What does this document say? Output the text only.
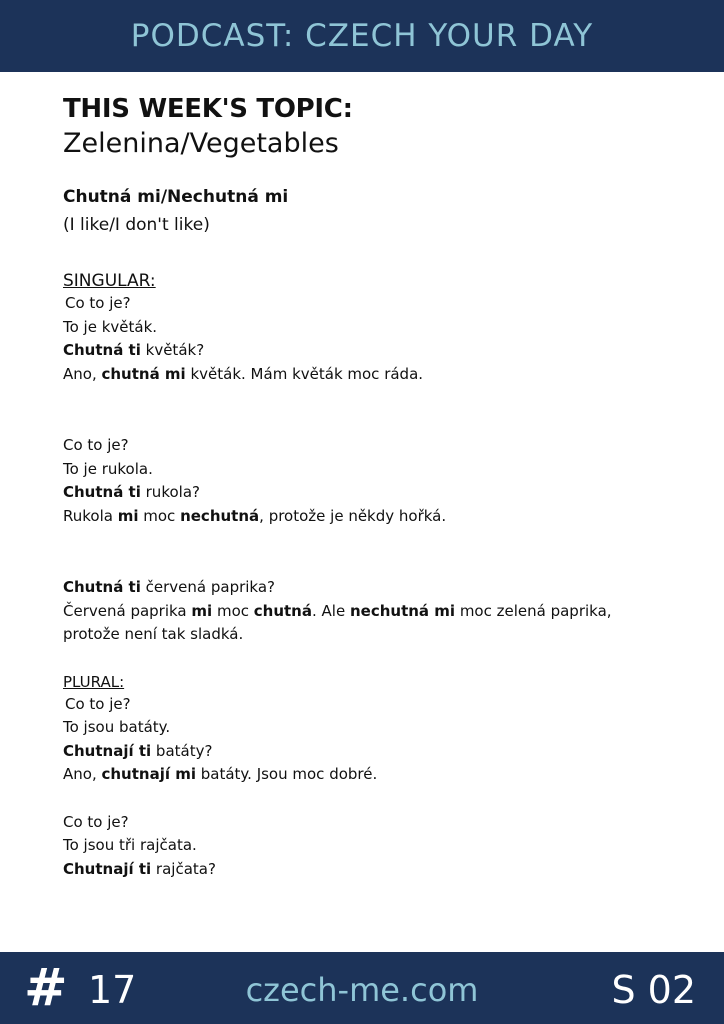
PODCAST: CZECH YOUR DAY
THIS WEEK'S TOPIC:
Zelenina/Vegetables
Chutná mi/Nechutná mi
(I like/I don't like)
SINGULAR:
Co to je?
To je květák.
Chutná ti květák?
Ano, chutná mi květák. Mám květák moc ráda.
Co to je?
To je rukola.
Chutná ti rukola?
Rukola mi moc nechutná, protože je někdy hořká.
Chutná ti červená paprika?
Červená paprika mi moc chutná. Ale nechutná mi moc zelená paprika,
protože není tak sladká.
PLURAL:
Co to je?
To jsou batáty.
Chutnají ti batáty?
Ano, chutnají mi batáty. Jsou moc dobré.
Co to je?
To jsou tři rajčata.
Chutnají ti rajčata?
# 17	czech-me.com	S 02
